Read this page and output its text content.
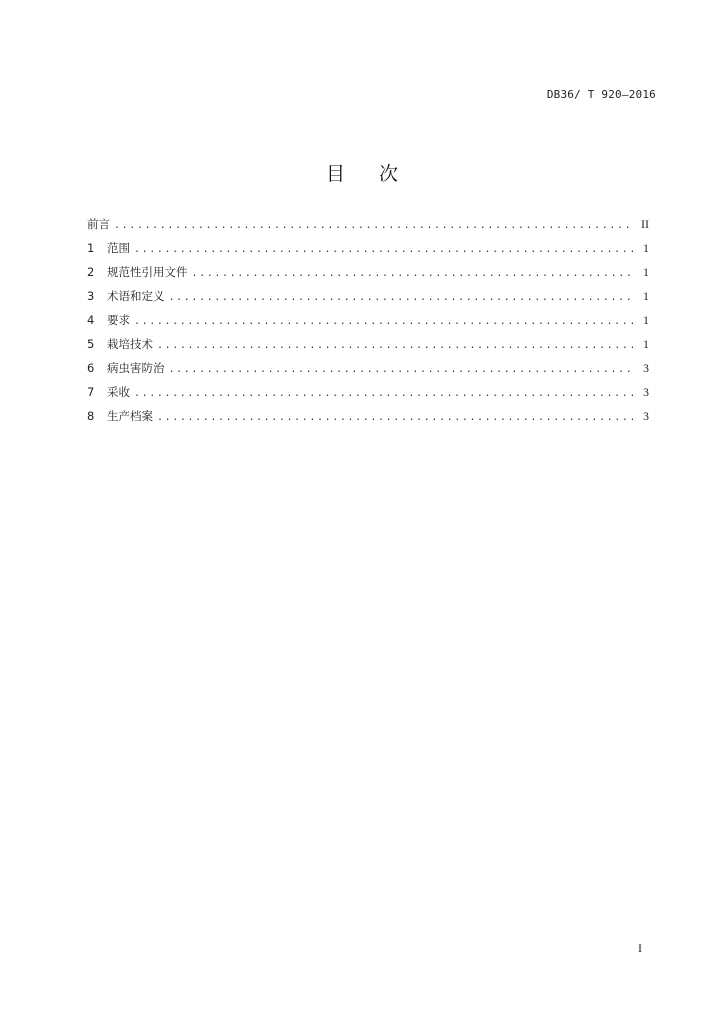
DB36/ T 920—2016
目次
前言 .....	II
1	范围 .....	1
2	规范性引用文件 .....	1
3	术语和定义 .....	1
4	要求 .....	1
5	栽培技术 .....	1
6	病虫害防治 .....	3
7	采收 .....	3
8	生产档案 .....	3
I
